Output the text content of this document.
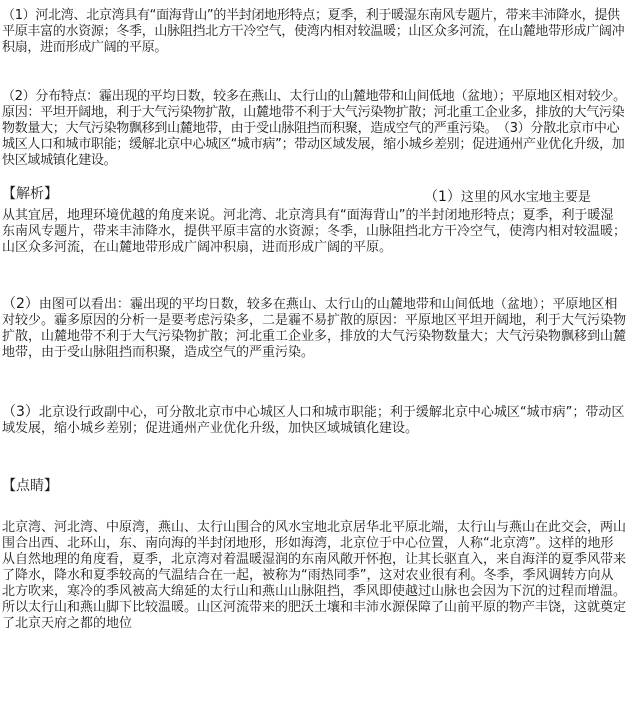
（1）河北湾、北京湾具有“面海背山”的半封闭地形特点；夏季，利于暖湿东南风专题片，带来丰沛降水，提供平原丰富的水资源；冬季，山脉阻挡北方干冷空气，使湾内相对较温暖；山区众多河流，在山麓地带形成广阔冲积扇，进而形成广阔的平原。
（2）分布特点：霾出现的平均日数，较多在燕山、太行山的山麓地带和山间低地（盆地）；平原地区相对较少。原因：平坦开阔地，利于大气污染物扩散，山麓地带不利于大气污染物扩散；河北重工企业多，排放的大气污染物数量大；大气污染物飘移到山麓地带，由于受山脉阻挡而积聚，造成空气的严重污染。　（3）分散北京市中心城区人口和城市职能；缓解北京中心城区“城市病”；带动区域发展，缩小城乡差别；促进通州产业优化升级，加快区域城镇化建设。
【解析】	（1）这里的风水宝地主要是
从其宜居，地理环境优越的角度来说。河北湾、北京湾具有“面海背山”的半封闭地形特点；夏季，利于暖湿东南风专题片，带来丰沛降水，提供平原丰富的水资源；冬季，山脉阻挡北方干冷空气，使湾内相对较温暖；山区众多河流，在山麓地带形成广阔冲积扇，进而形成广阔的平原。
（2）由图可以看出：霾出现的平均日数，较多在燕山、太行山的山麓地带和山间低地（盆地）；平原地区相对较少。霾多原因的分析一是要考虑污染多，二是霾不易扩散的原因：平原地区平坦开阔地，利于大气污染物扩散，山麓地带不利于大气污染物扩散；河北重工企业多，排放的大气污染物数量大；大气污染物飘移到山麓地带，由于受山脉阻挡而积聚，造成空气的严重污染。
（3）北京设行政副中心，可分散北京市中心城区人口和城市职能；利于缓解北京中心城区“城市病”；带动区域发展，缩小城乡差别；促进通州产业优化升级，加快区域城镇化建设。
【点睛】
北京湾、河北湾、中原湾，燕山、太行山围合的风水宝地北京居华北平原北端，太行山与燕山在此交会，两山围合出西、北环山，东、南向海的半封闭地形，形如海湾，北京位于中心位置，人称“北京湾”。这样的地形从自然地理的角度看，夏季，北京湾对着温暖湿润的东南风敞开怀抱，让其长驱直入，来自海洋的夏季风带来了降水，降水和夏季较高的气温结合在一起，被称为“雨热同季”，这对农业很有利。冬季，季风调转方向从北方吹来，寒冷的季风被高大绵延的太行山和燕山山脉阻挡，季风即使越过山脉也会因为下沉的过程而增温。所以太行山和燕山脚下比较温暖。山区河流带来的肥沃土壤和丰沛水源保障了山前平原的物产丰饶，这就奠定了北京天府之都的地位
